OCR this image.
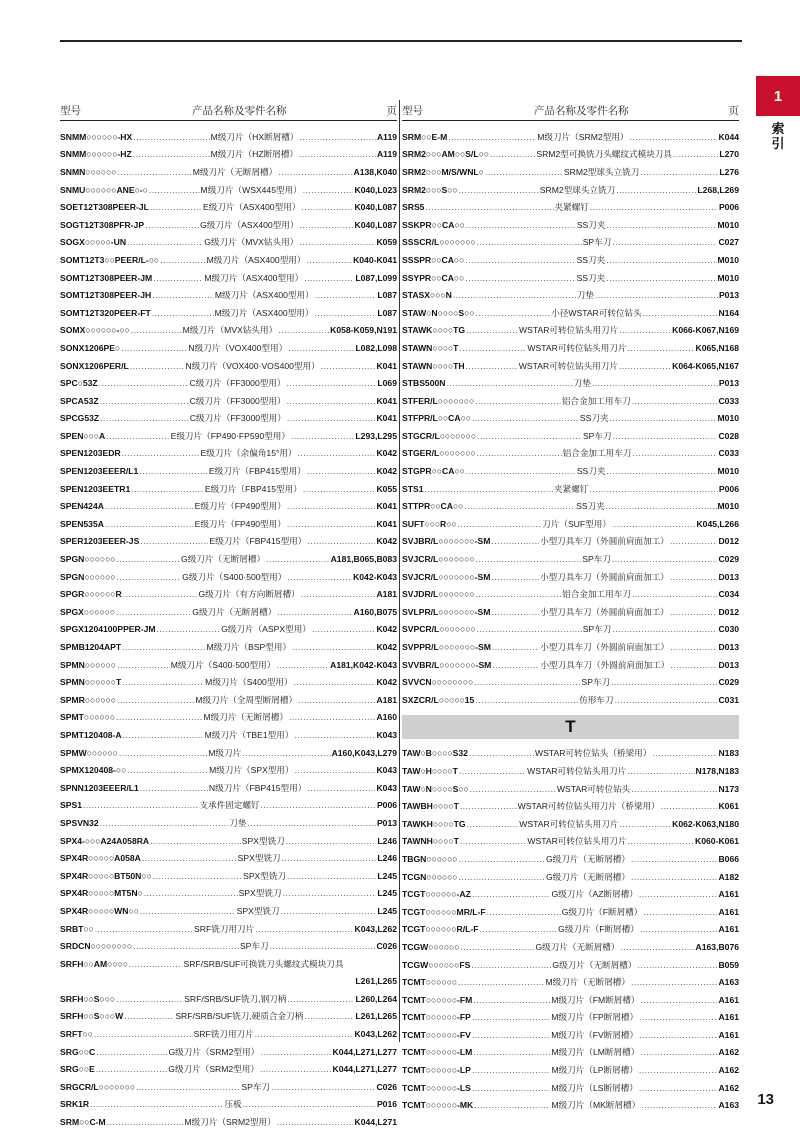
1
索引
型号	产品名称及零件名称	页
SNMM○○○○○○-HX .....	M级刀片（HX断屑槽） .....	A119
SNMM○○○○○○-HZ .....	M级刀片（HZ断屑槽） .....	A119
SNMN○○○○○○ .....	M级刀片（无断屑槽） .....	A138,K040
SNMU○○○○○○ANE○-○ .....	M级刀片（WSX445型用） .....	K040,L023
SOET12T308PEER-JL .....	E级刀片（ASX400型用） .....	K040,L087
SOGT12T308PFR-JP .....	G级刀片（ASX400型用） .....	K040,L087
SOGX○○○○○-UN .....	G级刀片（MVX钻头用） .....	K059
SOMT12T3○○PEER/L-○○ .....	M级刀片（ASX400型用） .....	K040-K041
SOMT12T308PEER-JM .....	M级刀片（ASX400型用） .....	L087,L099
SOMT12T308PEER-JH .....	M级刀片（ASX400型用） .....	L087
SOMT12T320PEER-FT .....	M级刀片（ASX400型用） .....	L087
SOMX○○○○○○-○○ .....	M级刀片（MVX钻头用） .....	K058-K059,N191
SONX1206PE○ .....	N级刀片（VOX400型用） .....	L082,L098
SONX1206PER/L .....	N级刀片（VOX400·VOS400型用） .....	K041
SPC○53Z .....	C级刀片（FF3000型用） .....	L069
SPCA53Z .....	C级刀片（FF3000型用） .....	K041
SPCG53Z .....	C级刀片（FF3000型用） .....	K041
SPEN○○○A .....	E级刀片（FP490·FP590型用） .....	L293,L295
SPEN1203EDR .....	E级刀片（余偏角15°用） .....	K042
SPEN1203EEER/L1 .....	E级刀片（FBP415型用） .....	K042
SPEN1203EETR1 .....	E级刀片（FBP415型用） .....	K055
SPEN424A .....	E级刀片（FP490型用） .....	K041
SPEN535A .....	E级刀片（FP490型用） .....	K041
SPER1203EEER-JS .....	E级刀片（FBP415型用） .....	K042
SPGN○○○○○○ .....	G级刀片（无断屑槽） .....	A181,B065,B083
SPGN○○○○○○ .....	G级刀片（S400·500型用） .....	K042-K043
SPGR○○○○○○R .....	G级刀片（有方向断屑槽） .....	A181
SPGX○○○○○○ .....	G级刀片（无断屑槽） .....	A160,B075
SPGX1204100PPER-JM .....	G级刀片（ASPX型用） .....	K042
SPMB1204APT .....	M级刀片（BSP型用） .....	K042
SPMN○○○○○○ .....	M级刀片（S400·500型用） .....	A181,K042-K043
SPMN○○○○○○T .....	M级刀片（S400型用） .....	K042
SPMR○○○○○○ .....	M级刀片（全周型断屑槽） .....	A181
SPMT○○○○○○ .....	M级刀片（无断屑槽） .....	A160
SPMT120408-A .....	M级刀片（TBE1型用） .....	K043
SPMW○○○○○○ .....	M级刀片 .....	A160,K043,L279
SPMX120408-○○ .....	M级刀片（SPX型用） .....	K043
SPNN1203EEER/L1 .....	N级刀片（FBP415型用） .....	K043
SPS1 .....	支承件固定螺钉 .....	P006
SPSVN32 .....	刀垫 .....	P013
SPX4-○○○A24A058RA .....	SPX型铣刀 .....	L246
SPX4R○○○○○A058A .....	SPX型铣刀 .....	L246
SPX4R○○○○○BT50N○○ .....	SPX型铣刀 .....	L245
SPX4R○○○○○MT5N○ .....	SPX型铣刀 .....	L245
SPX4R○○○○○WN○○ .....	SPX型铣刀 .....	L245
SRBT○○ .....	SRF铣刀用刀片 .....	K043,L262
SRDCN○○○○○○○○ .....	SP车刀 .....	C026
SRFH○○AM○○○○ .....	SRF/SRB/SUF可换铣刀头螺纹式模块刀具
L261,L265
SRFH○○S○○○ .....	SRF/SRB/SUF铣刀,钢刀柄 .....	L260,L264
SRFH○○S○○○W .....	SRF/SRB/SUF铣刀,硬质合金刀柄 .....	L261,L265
SRFT○○ .....	SRF铣刀用刀片 .....	K043,L262
SRG○○C .....	G级刀片（SRM2型用） .....	K044,L271,L277
SRG○○E .....	G级刀片（SRM2型用） .....	K044,L271,L277
SRGCR/L○○○○○○○ .....	SP车刀 .....	C026
SRK1R .....	压板 .....	P016
SRM○○C-M .....	M级刀片（SRM2型用） .....	K044,L271
型号	产品名称及零件名称	页
SRM○○E-M .....	M级刀片（SRM2型用） .....	K044
SRM2○○○AM○○S/L○○ .....	SRM2型可换铣刀头螺纹式模块刀具 .....	L270
SRM2○○○M/S/WNL○ .....	SRM2型球头立铣刀 .....	L276
SRM2○○○S○○ .....	SRM2型球头立铣刀 .....	L268,L269
SRS5 .....	夹紧螺钉 .....	P006
SSKPR○○CA○○ .....	SS刀夹 .....	M010
SSSCR/L○○○○○○○ .....	SP车刀 .....	C027
SSSPR○○CA○○ .....	SS刀夹 .....	M010
SSYPR○○CA○○ .....	SS刀夹 .....	M010
STASX○○○N .....	刀垫 .....	P013
STAW○N○○○○S○○ .....	小径WSTAR可转位钻头 .....	N164
STAWK○○○○TG .....	WSTAR可转位钻头用刀片 .....	K066-K067,N169
STAWN○○○○T .....	WSTAR可转位钻头用刀片 .....	K065,N168
STAWN○○○○TH .....	WSTAR可转位钻头用刀片 .....	K064-K065,N167
STBS500N .....	刀垫 .....	P013
STFER/L○○○○○○○ .....	铝合金加工用车刀 .....	C033
STFPR/L○○CA○○ .....	SS刀夹 .....	M010
STGCR/L○○○○○○○ .....	SP车刀 .....	C028
STGER/L○○○○○○○ .....	铝合金加工用车刀 .....	C033
STGPR○○CA○○ .....	SS刀夹 .....	M010
STS1 .....	夹紧螺钉 .....	P006
STTPR○○CA○○ .....	SS刀夹 .....	M010
SUFT○○○R○○ .....	刀片（SUF型用） .....	K045,L266
SVJBR/L○○○○○○○-SM .....	小型刀具车刀（外圆前肩面加工） .....	D012
SVJCR/L○○○○○○○ .....	SP车刀 .....	C029
SVJCR/L○○○○○○○-SM .....	小型刀具车刀（外圆前肩面加工） .....	D013
SVJDR/L○○○○○○○ .....	铝合金加工用车刀 .....	C034
SVLPR/L○○○○○○○-SM .....	小型刀具车刀（外圆前肩面加工） .....	D012
SVPCR/L○○○○○○○ .....	SP车刀 .....	C030
SVPPR/L○○○○○○○-SM .....	小型刀具车刀（外圆前肩面加工） .....	D013
SVVBR/L○○○○○○○-SM .....	小型刀具车刀（外圆前肩面加工） .....	D013
SVVCN○○○○○○○○ .....	SP车刀 .....	C029
SXZCR/L○○○○○15 .....	仿形车刀 .....	C031
T
TAW○B○○○○S32 .....	WSTAR可转位钻头（桥梁用） .....	N183
TAW○H○○○○T .....	WSTAR可转位钻头用刀片 .....	N178,N183
TAW○N○○○○S○○ .....	WSTAR可转位钻头 .....	N173
TAWBH○○○○T .....	WSTAR可转位钻头用刀片（桥梁用） .....	K061
TAWKH○○○○TG .....	WSTAR可转位钻头用刀片 .....	K062-K063,N180
TAWNH○○○○T .....	WSTAR可转位钻头用刀片 .....	K060-K061
TBGN○○○○○○ .....	G级刀片（无断屑槽） .....	B066
TCGN○○○○○○ .....	G级刀片（无断屑槽） .....	A182
TCGT○○○○○○-AZ .....	G级刀片（AZ断屑槽） .....	A161
TCGT○○○○○○MR/L-F .....	G级刀片（F断屑槽） .....	A161
TCGT○○○○○○R/L-F .....	G级刀片（F断屑槽） .....	A161
TCGW○○○○○○ .....	G级刀片（无断屑槽） .....	A163,B076
TCGW○○○○○○FS .....	G级刀片（无断屑槽） .....	B059
TCMT○○○○○○ .....	M级刀片（无断屑槽） .....	A163
TCMT○○○○○○-FM .....	M级刀片（FM断屑槽） .....	A161
TCMT○○○○○○-FP .....	M级刀片（FP断屑槽） .....	A161
TCMT○○○○○○-FV .....	M级刀片（FV断屑槽） .....	A161
TCMT○○○○○○-LM .....	M级刀片（LM断屑槽） .....	A162
TCMT○○○○○○-LP .....	M级刀片（LP断屑槽） .....	A162
TCMT○○○○○○-LS .....	M级刀片（LS断屑槽） .....	A162
TCMT○○○○○○-MK .....	M级刀片（MK断屑槽） .....	A163 13
